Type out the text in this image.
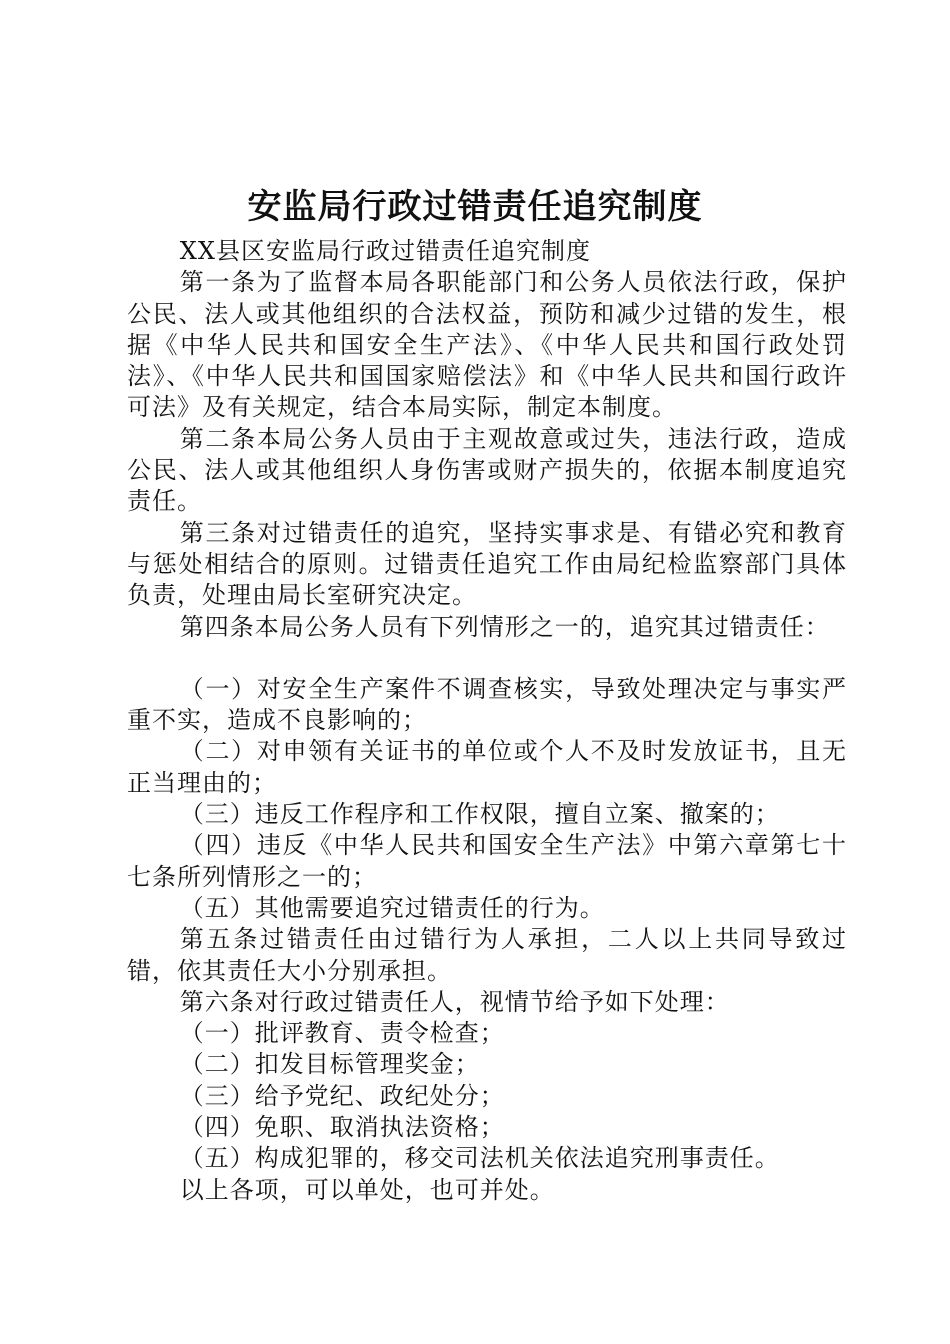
安监局行政过错责任追究制度

XX县区安监局行政过错责任追究制度

第一条为了监督本局各职能部门和公务人员依法行政，保护公民、法人或其他组织的合法权益，预防和减少过错的发生，根据《中华人民共和国安全生产法》、《中华人民共和国行政处罚法》、《中华人民共和国国家赔偿法》和《中华人民共和国行政许可法》及有关规定，结合本局实际，制定本制度。

第二条本局公务人员由于主观故意或过失，违法行政，造成公民、法人或其他组织人身伤害或财产损失的，依据本制度追究责任。

第三条对过错责任的追究，坚持实事求是、有错必究和教育与惩处相结合的原则。过错责任追究工作由局纪检监察部门具体负责，处理由局长室研究决定。

第四条本局公务人员有下列情形之一的，追究其过错责任：

（一）对安全生产案件不调查核实，导致处理决定与事实严重不实，造成不良影响的；

（二）对申领有关证书的单位或个人不及时发放证书，且无正当理由的；

（三）违反工作程序和工作权限，擅自立案、撤案的；

（四）违反《中华人民共和国安全生产法》中第六章第七十七条所列情形之一的；

（五）其他需要追究过错责任的行为。

第五条过错责任由过错行为人承担，二人以上共同导致过错，依其责任大小分别承担。

第六条对行政过错责任人，视情节给予如下处理：

（一）批评教育、责令检查；

（二）扣发目标管理奖金；

（三）给予党纪、政纪处分；

（四）免职、取消执法资格；

（五）构成犯罪的，移交司法机关依法追究刑事责任。

以上各项，可以单处，也可并处。
